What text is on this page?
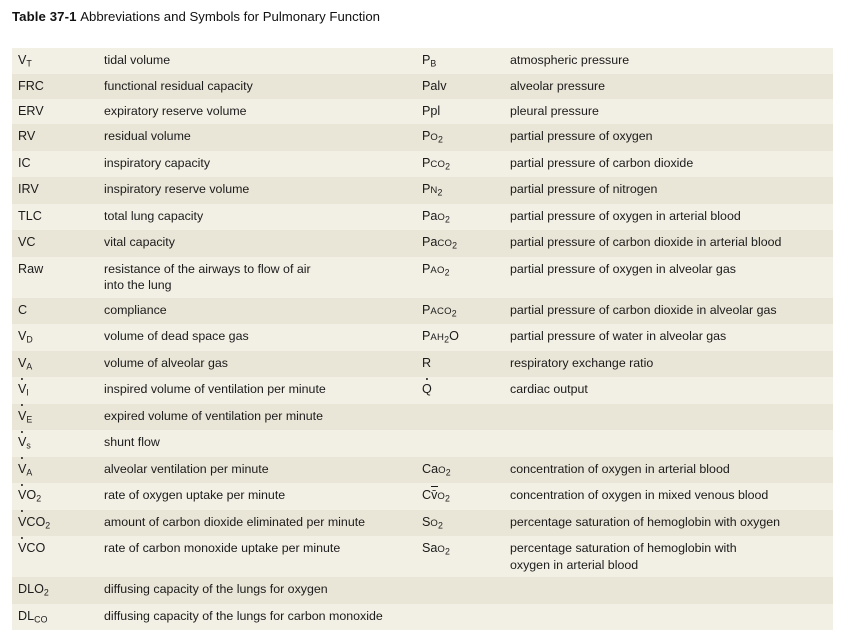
Table 37-1 Abbreviations and Symbols for Pulmonary Function
VT	tidal volume	PB	atmospheric pressure

FRC	functional residual capacity	Palv	alveolar pressure

ERV	expiratory reserve volume	Ppl	pleural pressure

RV	residual volume	$PO_2$	partial pressure of oxygen

IC	inspiratory capacity	$PCO_2$	partial pressure of carbon dioxide

IRV	inspiratory reserve volume	$PN_2$	partial pressure of nitrogen

TLC	total lung capacity	PaO$_2$	partial pressure of oxygen in arterial blood

VC	vital capacity	PaCO$_2$	partial pressure of carbon dioxide in arterial blood

Raw	resistance of the airways to flow of air
into the lung	$PAO_2$	partial pressure of oxygen in alveolar gas

C	compliance	$PACO_2$	partial pressure of carbon dioxide in alveolar gas

VD	volume of dead space gas	$PAH_2O$	partial pressure of water in alveolar gas

VA	volume of alveolar gas	R	respiratory exchange ratio

VI	inspired volume of ventilation per minute	Q	cardiac output

VE	expired volume of ventilation per minute		

Vs	shunt flow		

VA	alveolar ventilation per minute	CaO$_2$	concentration of oxygen in arterial blood

$VO_2$	rate of oxygen uptake per minute	$Cv̄O_2$	concentration of oxygen in mixed venous blood

$VCO_2$	amount of carbon dioxide eliminated per minute	$SO_2$	percentage saturation of hemoglobin with oxygen

VCO	rate of carbon monoxide uptake per minute	SaO$_2$	percentage saturation of hemoglobin with
oxygen in arterial blood

$DLO_2$	diffusing capacity of the lungs for oxygen		

DLCO	diffusing capacity of the lungs for carbon monoxide		
